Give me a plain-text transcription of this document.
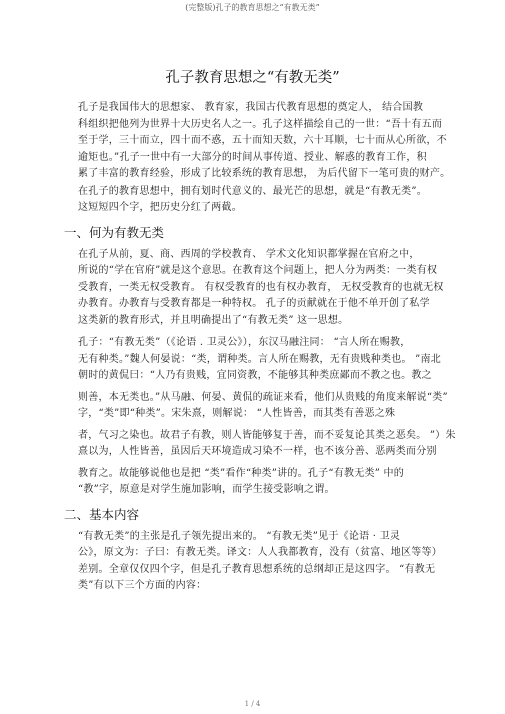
(完整版)孔子的教育思想之“有教无类”
孔子教育思想之“有教无类”

孔子是我国伟大的思想家、 教育家，我国古代教育思想的奠定人， 结合国教

科组织把他列为世界十大历史名人之一。孔子这样描绘自己的一世：“吾十有五而

至于学，三十而立，四十而不惑，五十而知天数，六十耳顺，七十而从心所欲，不

逾矩也。”孔子一世中有一大部分的时间从事传道、授业、解惑的教育工作，积

累了丰富的教育经验，形成了比较系统的教育思想， 为后代留下一笔可贵的财产。

在孔子的教育思想中，拥有划时代意义的、最光芒的思想，就是“有教无类”。

这短短四个字，把历史分红了两截。

一、何为有教无类

在孔子从前，夏、商、西周的学校教育、 学术文化知识都掌握在官府之中，

所说的“学在官府”就是这个意思。在教育这个问题上，把人分为两类：一类有权

受教育，一类无权受教育。 有权受教育的也有权办教育， 无权受教育的也就无权

办教育。办教育与受教育都是一种特权。 孔子的贡献就在于他不单开创了私学

这类新的教育形式，并且明确提出了“有教无类” 这一思想。

孔子：“有教无类”（《论语 . 卫灵公》），东汉马融注同： “言人所在赐教，

无有种类。”魏人何晏说：“类，谓种类。言人所在赐教，无有贵贱种类也。 ”南北

朝时的黄侃曰：“人乃有贵贱，宜同资教，不能够其种类庶鄙而不教之也。教之

则善，本无类也。”从马融、何晏、黄侃的疏证来看，他们从贵贱的角度来解说“类”

字，“类”即“种类”。宋朱熹，则解说： “人性皆善，而其类有善恶之殊

者，气习之染也。故君子有教，则人皆能够复于善，而不妥复论其类之恶矣。 ”）朱

熹以为，人性皆善，虽因后天环境造成习染不一样，也不该分善、恶两类而分别

教育之。故能够说他也是把 “类”看作“种类”讲的。孔子“有教无类” 中的

“教”字，原意是对学生施加影响，而学生接受影响之谓。

二、基本内容

“有教无类”的主张是孔子领先提出来的。 “有教无类”见于《论语 · 卫灵

公》，原文为：子曰：有教无类。译文：人人我都教育，没有（贫富、地区等等）

差别。全章仅仅四个字，但是孔子教育思想系统的总纲却正是这四字。 “有教无

类”有以下三个方面的内容：

1 / 4
